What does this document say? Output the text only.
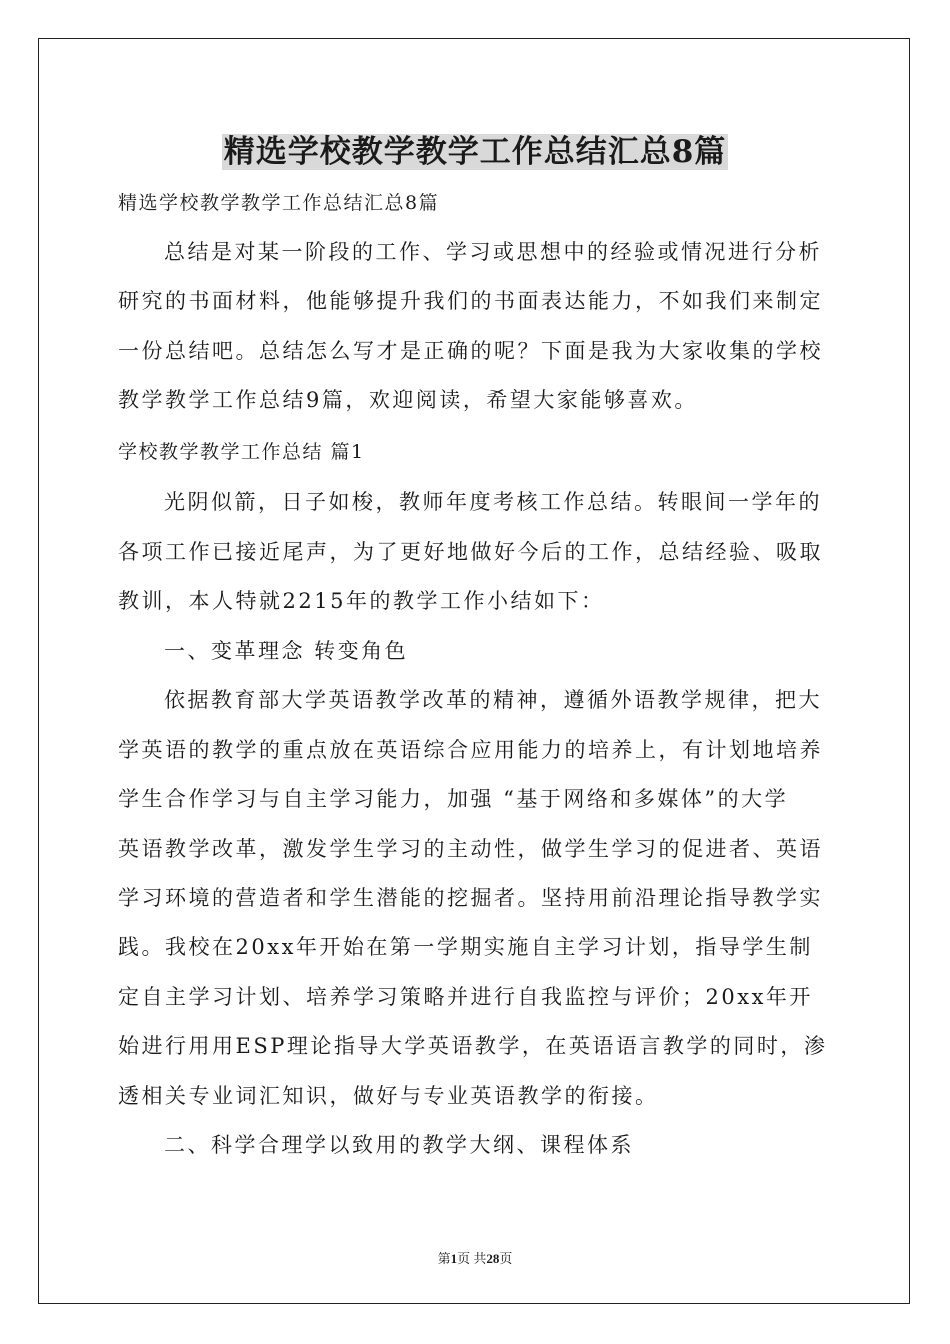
精选学校教学教学工作总结汇总8篇
精选学校教学教学工作总结汇总8篇
总结是对某一阶段的工作、学习或思想中的经验或情况进行分析
研究的书面材料，他能够提升我们的书面表达能力，不如我们来制定
一份总结吧。总结怎么写才是正确的呢？下面是我为大家收集的学校
教学教学工作总结9篇，欢迎阅读，希望大家能够喜欢。
学校教学教学工作总结 篇1
光阴似箭，日子如梭，教师年度考核工作总结。转眼间一学年的
各项工作已接近尾声，为了更好地做好今后的工作，总结经验、吸取
教训，本人特就2215年的教学工作小结如下：
一、变革理念 转变角色
依据教育部大学英语教学改革的精神，遵循外语教学规律，把大
学英语的教学的重点放在英语综合应用能力的培养上，有计划地培养
学生合作学习与自主学习能力，加强 “基于网络和多媒体”的大学
英语教学改革，激发学生学习的主动性，做学生学习的促进者、英语
学习环境的营造者和学生潜能的挖掘者。坚持用前沿理论指导教学实
践。我校在20xx年开始在第一学期实施自主学习计划，指导学生制
定自主学习计划、培养学习策略并进行自我监控与评价；20xx年开
始进行用用ESP理论指导大学英语教学，在英语语言教学的同时，渗
透相关专业词汇知识，做好与专业英语教学的衔接。
二、科学合理学以致用的教学大纲、课程体系
第1页 共28页
